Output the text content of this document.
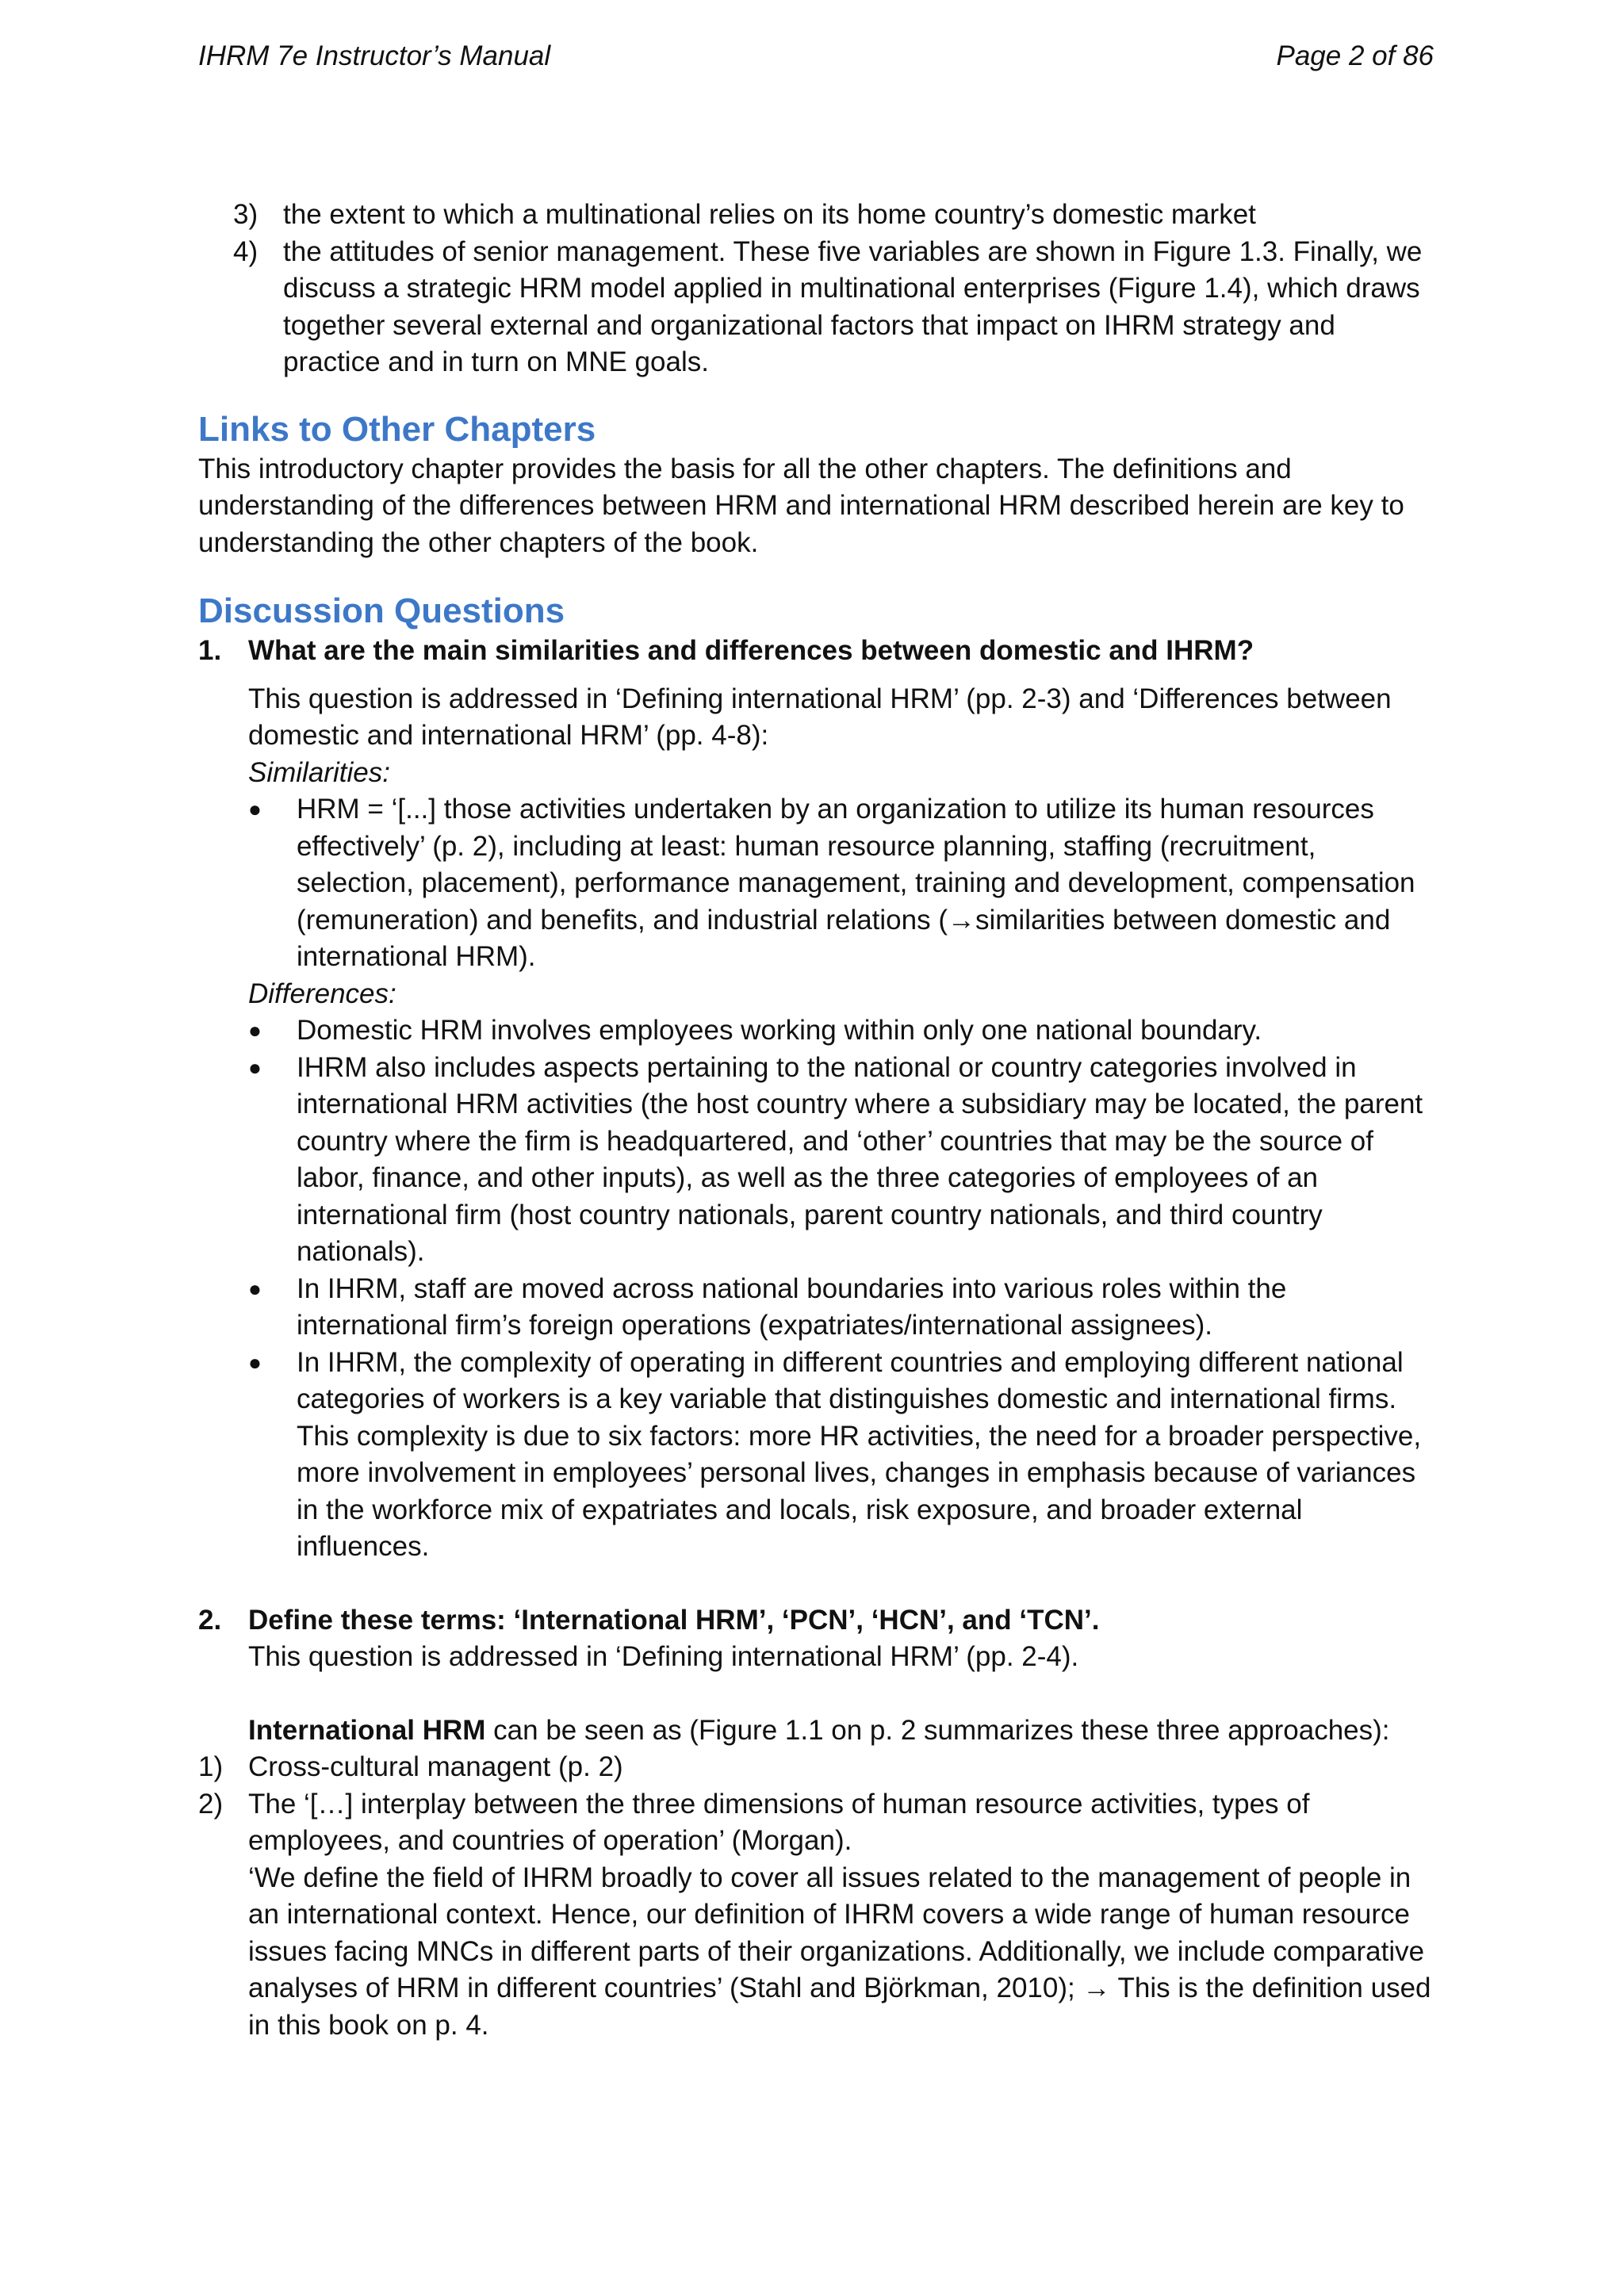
IHRM 7e Instructor’s Manual	Page 2 of 86
3) the extent to which a multinational relies on its home country’s domestic market
4) the attitudes of senior management. These five variables are shown in Figure 1.3. Finally, we discuss a strategic HRM model applied in multinational enterprises (Figure 1.4), which draws together several external and organizational factors that impact on IHRM strategy and practice and in turn on MNE goals.
Links to Other Chapters

This introductory chapter provides the basis for all the other chapters. The definitions and understanding of the differences between HRM and international HRM described herein are key to understanding the other chapters of the book.

Discussion Questions
1. What are the main similarities and differences between domestic and IHRM?

This question is addressed in ‘Defining international HRM’ (pp. 2-3) and ‘Differences between domestic and international HRM’ (pp. 4-8):

Similarities:

●	HRM = ‘[...] those activities undertaken by an organization to utilize its human resources effectively’ (p. 2), including at least: human resource planning, staffing (recruitment, selection, placement), performance management, training and development, compensation (remuneration) and benefits, and industrial relations (→similarities between domestic and international HRM).

Differences:

●	Domestic HRM involves employees working within only one national boundary.
●	IHRM also includes aspects pertaining to the national or country categories involved in international HRM activities (the host country where a subsidiary may be located, the parent country where the firm is headquartered, and ‘other’ countries that may be the source of labor, finance, and other inputs), as well as the three categories of employees of an international firm (host country nationals, parent country nationals, and third country nationals).
●	In IHRM, staff are moved across national boundaries into various roles within the international firm’s foreign operations (expatriates/international assignees).
●	In IHRM, the complexity of operating in different countries and employing different national categories of workers is a key variable that distinguishes domestic and international firms. This complexity is due to six factors: more HR activities, the need for a broader perspective, more involvement in employees’ personal lives, changes in emphasis because of variances in the workforce mix of expatriates and locals, risk exposure, and broader external influences.
2. Define these terms: ‘International HRM’, ‘PCN’, ‘HCN’, and ‘TCN’.

This question is addressed in ‘Defining international HRM’ (pp. 2-4).

International HRM can be seen as (Figure 1.1 on p. 2 summarizes these three approaches):

1) Cross-cultural managent (p. 2)
2) The ‘[…] interplay between the three dimensions of human resource activities, types of employees, and countries of operation’ (Morgan).

‘We define the field of IHRM broadly to cover all issues related to the management of people in an international context. Hence, our definition of IHRM covers a wide range of human resource issues facing MNCs in different parts of their organizations. Additionally, we include comparative analyses of HRM in different countries’ (Stahl and Björkman, 2010); → This is the definition used in this book on p. 4.
